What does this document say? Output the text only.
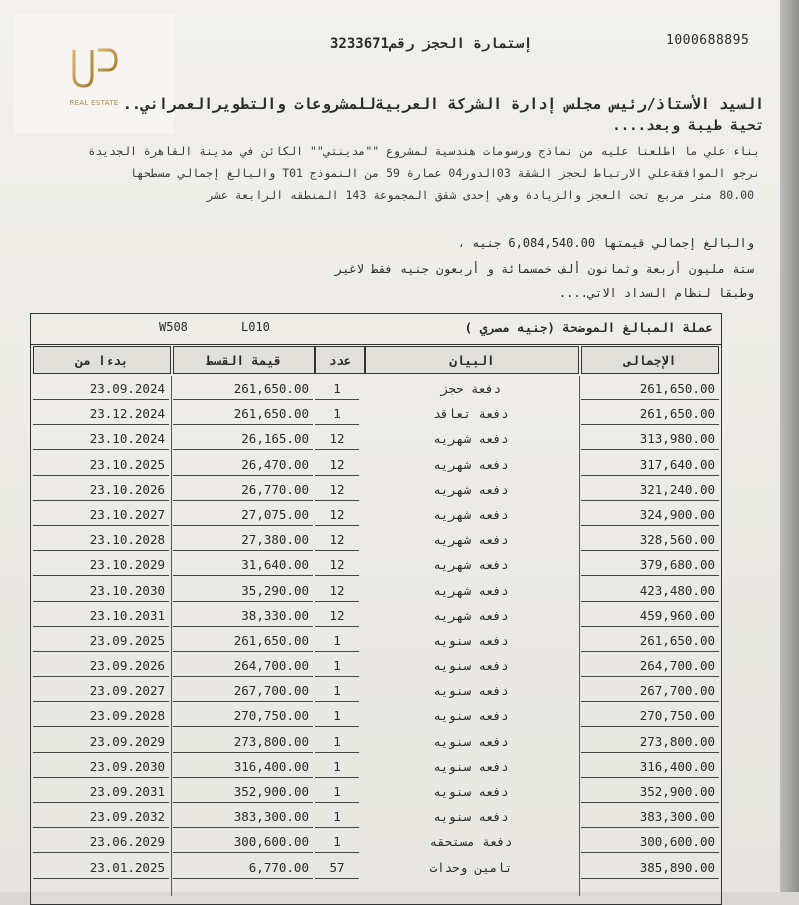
REAL ESTATE
1000688895
إستمارة الحجز رقم3233671
السيد الأستاذ/رئيس مجلس إدارة الشركة العربيةللمشروعات والتطويرالعمراني..
تحية طيبة وبعد....
بناء علي ما اطلعنا عليه من نماذج ورسومات هندسية لمشروع ""مدينتي"" الكائن في مدينة القاهرة الجديدة
نرجو الموافقةعلي الارتباط لحجز الشقة 03الدور04 عمارة 59 من النموذج T01 والبالغ إجمالي مسطحها
80.00 متر مربع تحت العجز والزيادة وهي إحدى شقق المجموعة 143 المنطقه الرابعة عشر
والبالغ إجمالي قيمتها 6,084,540.00 جنيه ،
ستة مليون أربعة وثمانون ألف خمسمائة و أربعون جنيه فقط لاغير
وطبقا لنظام السداد الاتي....
W508	L010	عملة المبالغ الموضحة (جنيه مصري )
بدءا من	قيمة القسط	عدد	البيان	الإجمالى
23.09.2024	261,650.00	1	دفعة حجز	261,650.00
23.12.2024	261,650.00	1	دفعة تعاقد	261,650.00
23.10.2024	26,165.00	12	دفعه شهريه	313,980.00
23.10.2025	26,470.00	12	دفعه شهريه	317,640.00
23.10.2026	26,770.00	12	دفعه شهريه	321,240.00
23.10.2027	27,075.00	12	دفعه شهريه	324,900.00
23.10.2028	27,380.00	12	دفعه شهريه	328,560.00
23.10.2029	31,640.00	12	دفعه شهريه	379,680.00
23.10.2030	35,290.00	12	دفعه شهريه	423,480.00
23.10.2031	38,330.00	12	دفعه شهريه	459,960.00
23.09.2025	261,650.00	1	دفعه سنويه	261,650.00
23.09.2026	264,700.00	1	دفعه سنويه	264,700.00
23.09.2027	267,700.00	1	دفعه سنويه	267,700.00
23.09.2028	270,750.00	1	دفعه سنويه	270,750.00
23.09.2029	273,800.00	1	دفعه سنويه	273,800.00
23.09.2030	316,400.00	1	دفعه سنويه	316,400.00
23.09.2031	352,900.00	1	دفعه سنويه	352,900.00
23.09.2032	383,300.00	1	دفعه سنويه	383,300.00
23.06.2029	300,600.00	1	دفعة مستحقه	300,600.00
23.01.2025	6,770.00	57	تامين وحدات	385,890.00
